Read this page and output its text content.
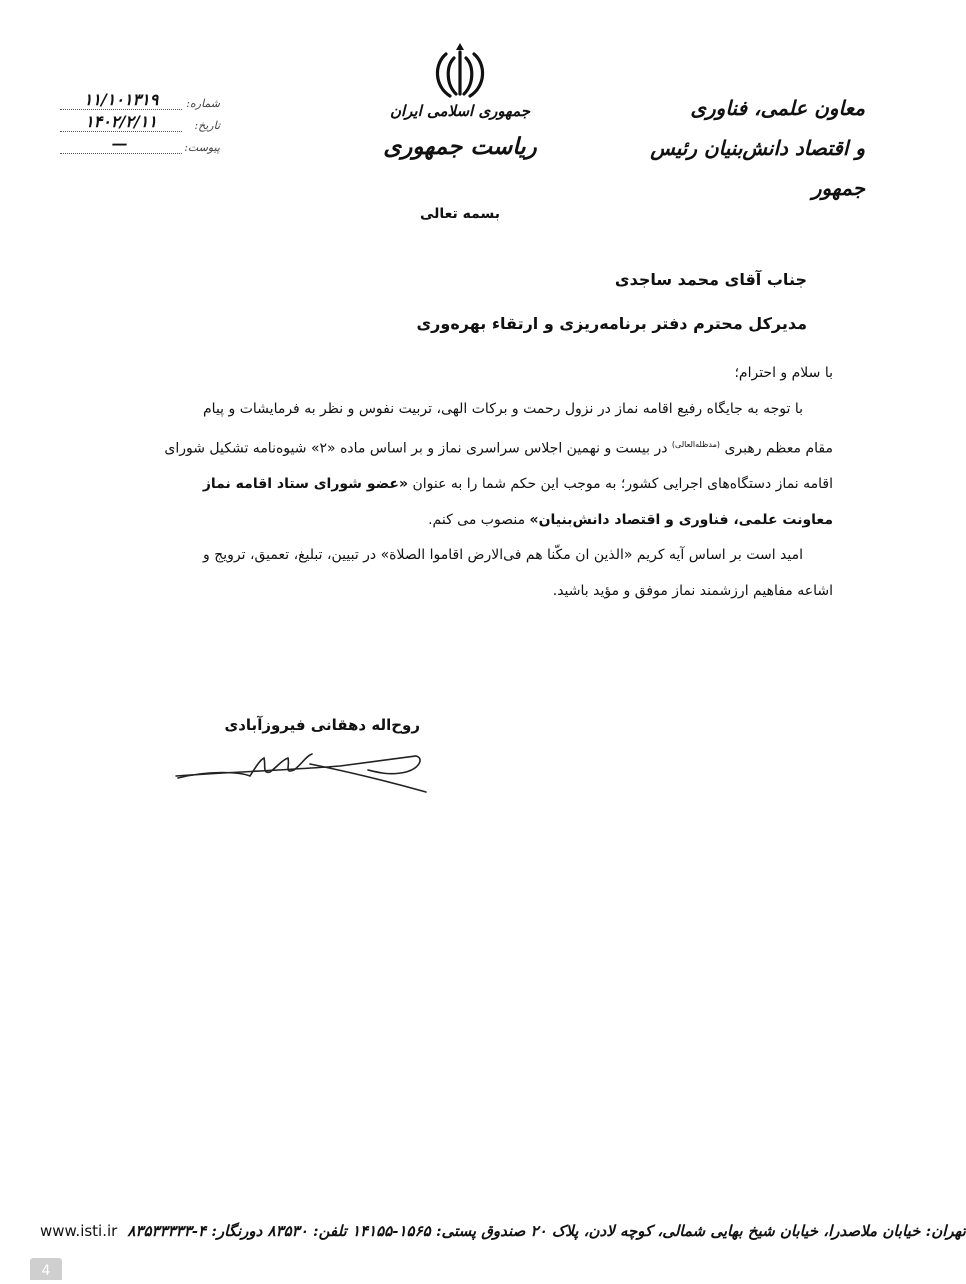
معاون علمی، فناوری
و اقتصاد دانش‌بنیان رئیس جمهور
جمهوری اسلامی ایران
ریاست جمهوری
شماره:
۱۱/۱۰۱۳۱۹
تاریخ:
۱۴۰۲/۲/۱۱
پیوست:
—
بسمه تعالی
جناب آقای محمد ساجدی
مدیرکل محترم دفتر برنامه‌ریزی و ارتقاء بهره‌وری

با سلام و احترام؛

با توجه به جایگاه رفیع اقامه نماز در نزول رحمت و برکات الهی، تربیت نفوس و نظر به فرمایشات و پیام

مقام معظم رهبری $^{(مدظله‌العالی)}$ در بیست و نهمین اجلاس سراسری نماز و بر اساس ماده «۲» شیوه‌نامه تشکیل شورای

اقامه نماز دستگاه‌های اجرایی کشور؛ به موجب این حکم شما را به عنوان «عضو شورای ستاد اقامه نماز

معاونت علمی، فناوری و اقتصاد دانش‌بنیان» منصوب می کنم.

امید است بر اساس آیه کریم «الذین ان مکّنا هم فی‌الارض اقاموا الصلاة» در تبیین، تبلیغ، تعمیق، ترویج و

اشاعه مفاهیم ارزشمند نماز موفق و مؤید باشید.

روح‌اله دهقانی فیروزآبادی
www.isti.ir تهران: خیابان ملاصدرا، خیابان شیخ بهایی شمالی، کوچه لادن، پلاک ۲۰ صندوق پستی: ۱۵۶۵-۱۴۱۵۵ تلفن: ۸۳۵۳۰ دورنگار: ۴-۸۳۵۳۳۳۳۳
4
